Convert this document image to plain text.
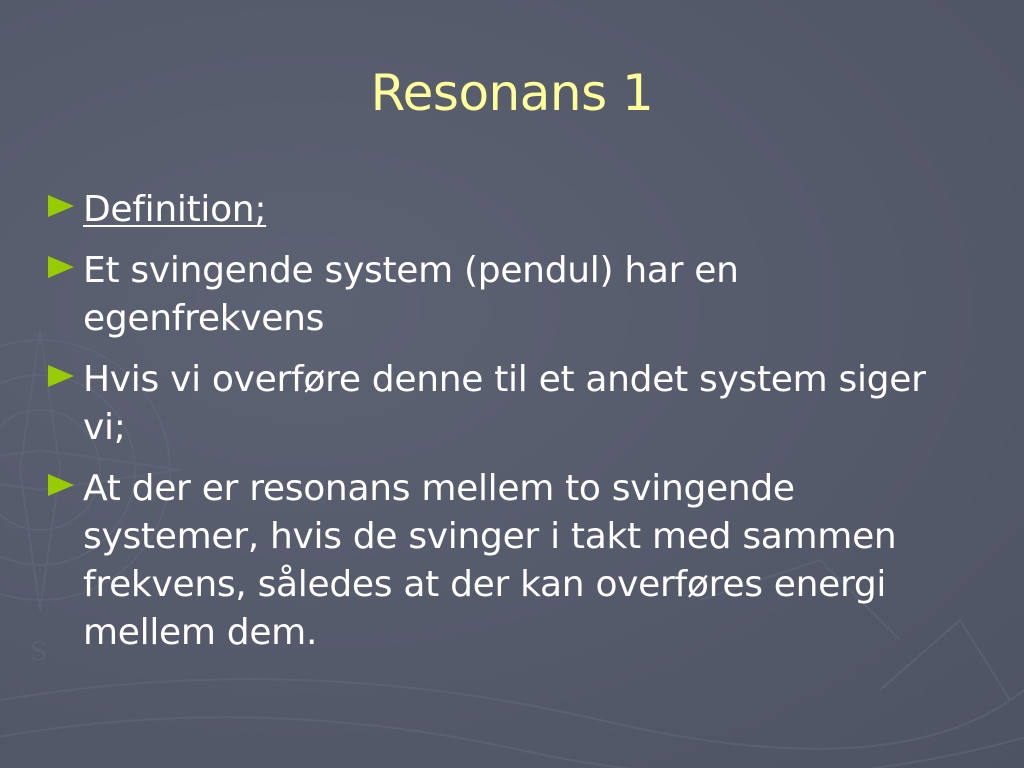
S
Resonans 1
Definition;
Et svingende system (pendul) har en egenfrekvens
Hvis vi overføre denne til et andet system siger vi;
At der er resonans mellem to svingende systemer, hvis de svinger i takt med sammen frekvens, således at der kan overføres energi mellem dem.
